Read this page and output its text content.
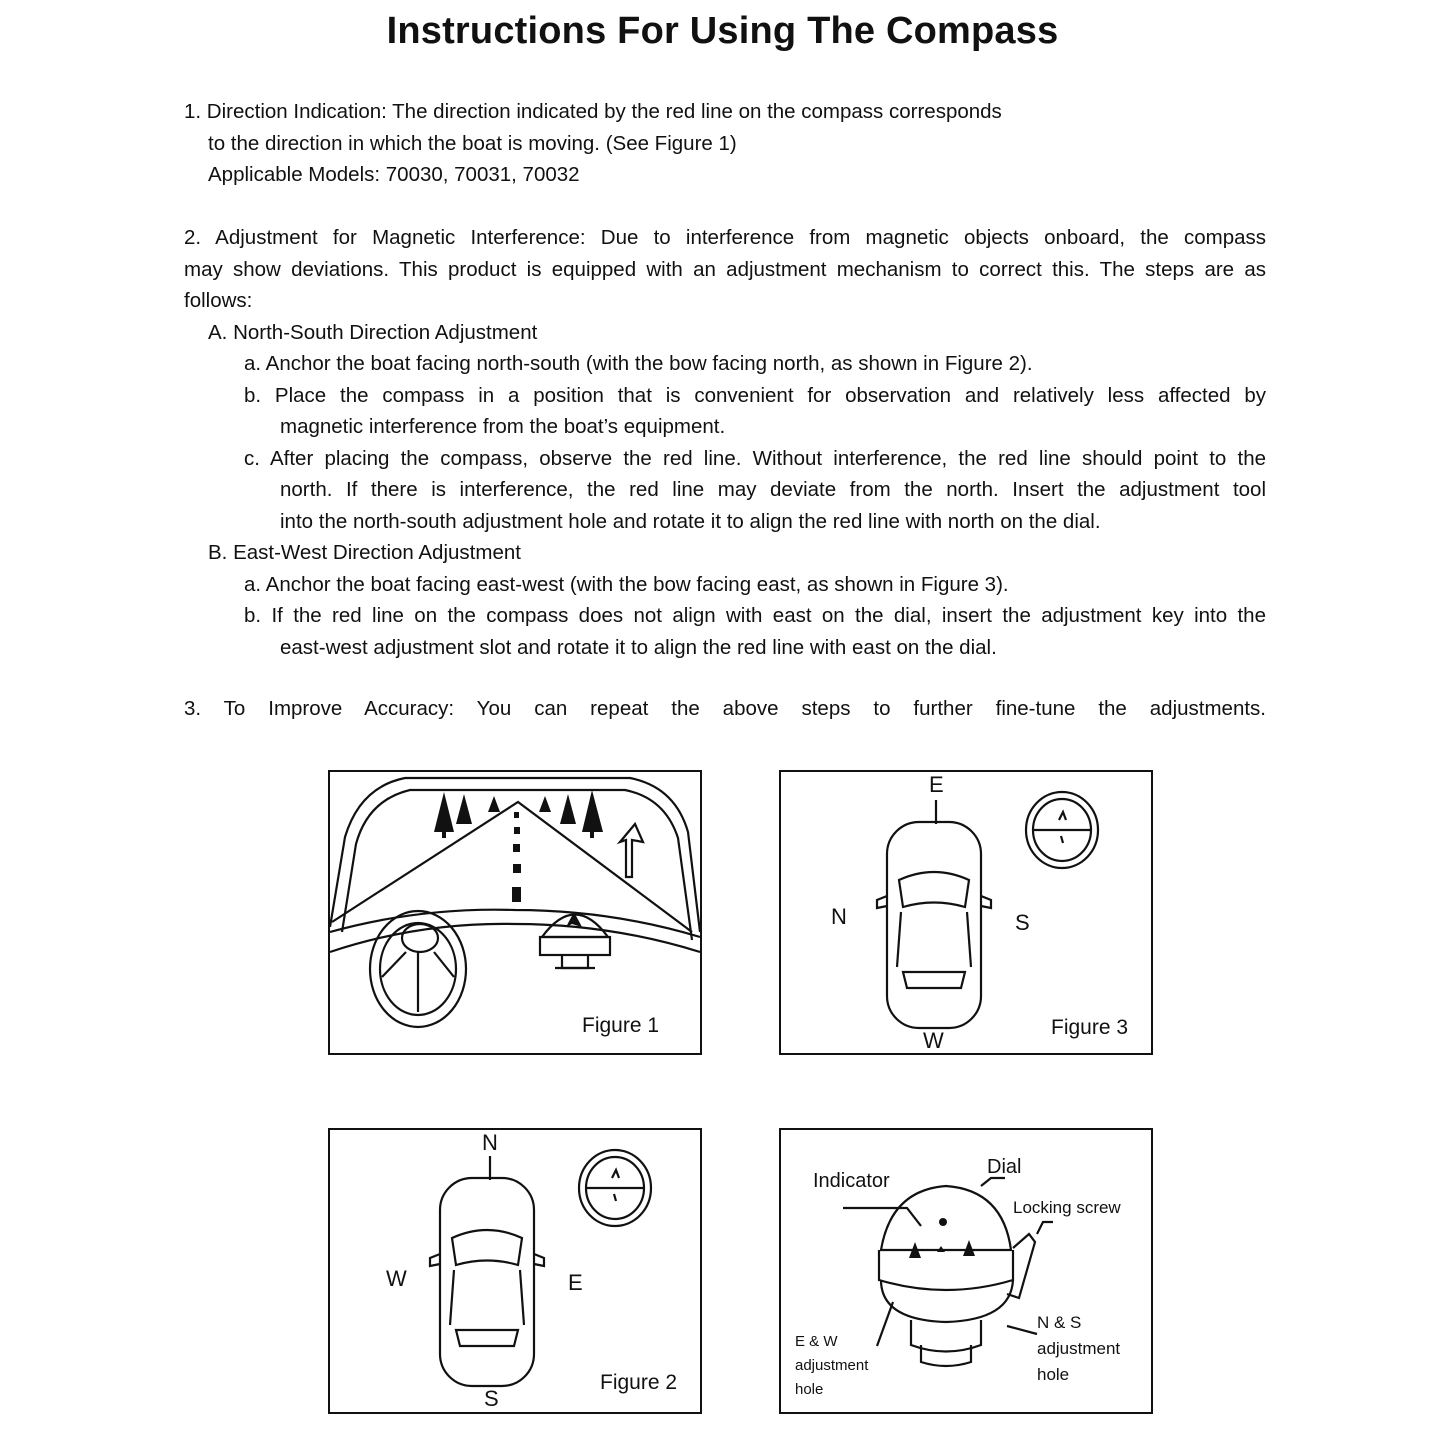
Instructions For Using The Compass
1. Direction Indication: The direction indicated by the red line on the compass corresponds
to the direction in which the boat is moving. (See Figure 1)
Applicable Models: 70030, 70031, 70032
2. Adjustment for Magnetic Interference: Due to interference from magnetic objects onboard, the compass
may show deviations. This product is equipped with an adjustment mechanism to correct this. The steps are as
follows:
A. North-South Direction Adjustment
a. Anchor the boat facing north-south (with the bow facing north, as shown in Figure 2).
b. Place the compass in a position that is convenient for observation and relatively less affected by
magnetic interference from the boat’s equipment.
c. After placing the compass, observe the red line. Without interference, the red line should point to the
north. If there is interference, the red line may deviate from the north. Insert the adjustment tool
into the north-south adjustment hole and rotate it to align the red line with north on the dial.
B. East-West Direction Adjustment
a. Anchor the boat facing east-west (with the bow facing east, as shown in Figure 3).
b. If the red line on the compass does not align with east on the dial, insert the adjustment key into the
east-west adjustment slot and rotate it to align the red line with east on the dial.
3. To Improve Accuracy: You can repeat the above steps to further fine-tune the adjustments.
Figure 1
E
N	S
W
Figure 3
N
W	E
S
Figure 2
Indicator
Dial
Locking screw
E & W
adjustment
hole
N & S
adjustment
hole
